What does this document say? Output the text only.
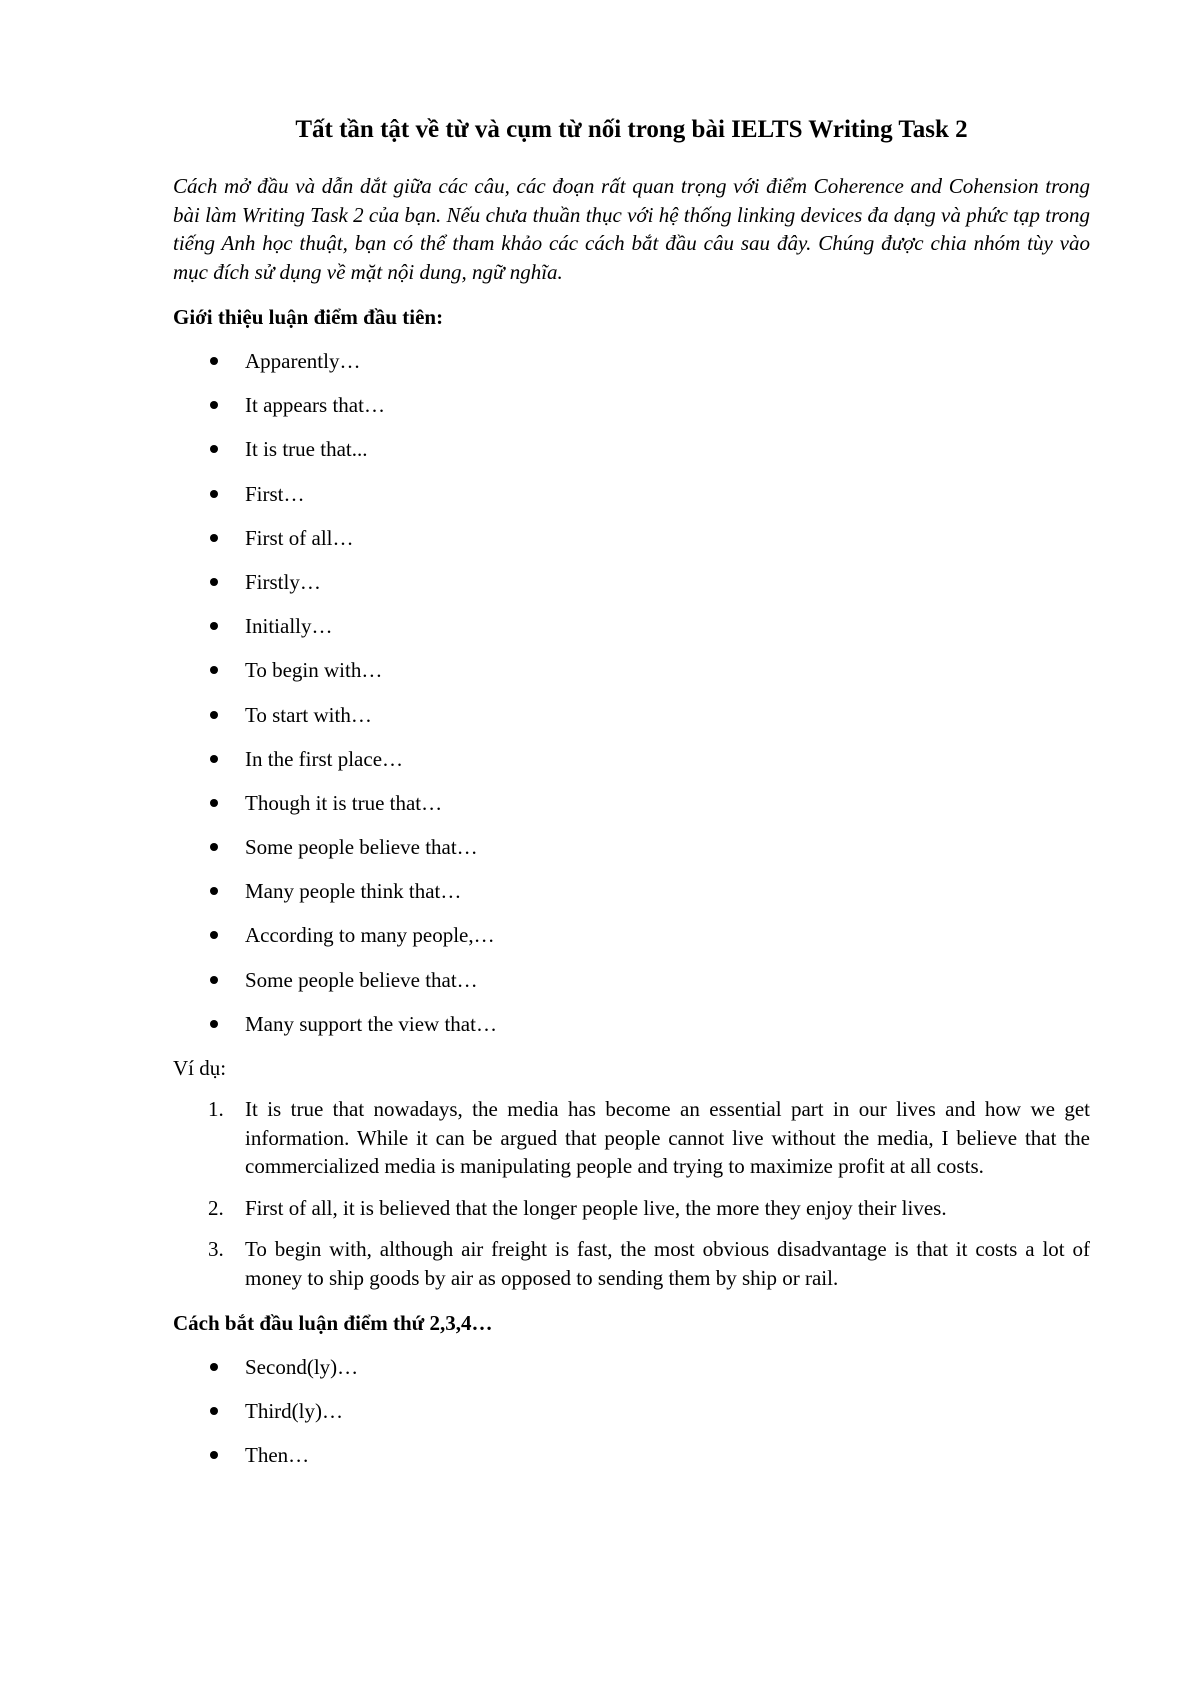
Tất tần tật về từ và cụm từ nối trong bài IELTS Writing Task 2

Cách mở đầu và dẫn dắt giữa các câu, các đoạn rất quan trọng với điểm Coherence and Cohension trong bài làm Writing Task 2 của bạn. Nếu chưa thuần thục với hệ thống linking devices đa dạng và phức tạp trong tiếng Anh học thuật, bạn có thể tham khảo các cách bắt đầu câu sau đây. Chúng được chia nhóm tùy vào mục đích sử dụng về mặt nội dung, ngữ nghĩa.

Giới thiệu luận điểm đầu tiên:
Apparently…
It appears that…
It is true that...
First…
First of all…
Firstly…
Initially…
To begin with…
To start with…
In the first place…
Though it is true that…
Some people believe that…
Many people think that…
According to many people,…
Some people believe that…
Many support the view that…
Ví dụ:
1. It is true that nowadays, the media has become an essential part in our lives and how we get information. While it can be argued that people cannot live without the media, I believe that the commercialized media is manipulating people and trying to maximize profit at all costs.
2. First of all, it is believed that the longer people live, the more they enjoy their lives.
3. To begin with, although air freight is fast, the most obvious disadvantage is that it costs a lot of money to ship goods by air as opposed to sending them by ship or rail.
Cách bắt đầu luận điểm thứ 2,3,4…
Second(ly)…
Third(ly)…
Then…
